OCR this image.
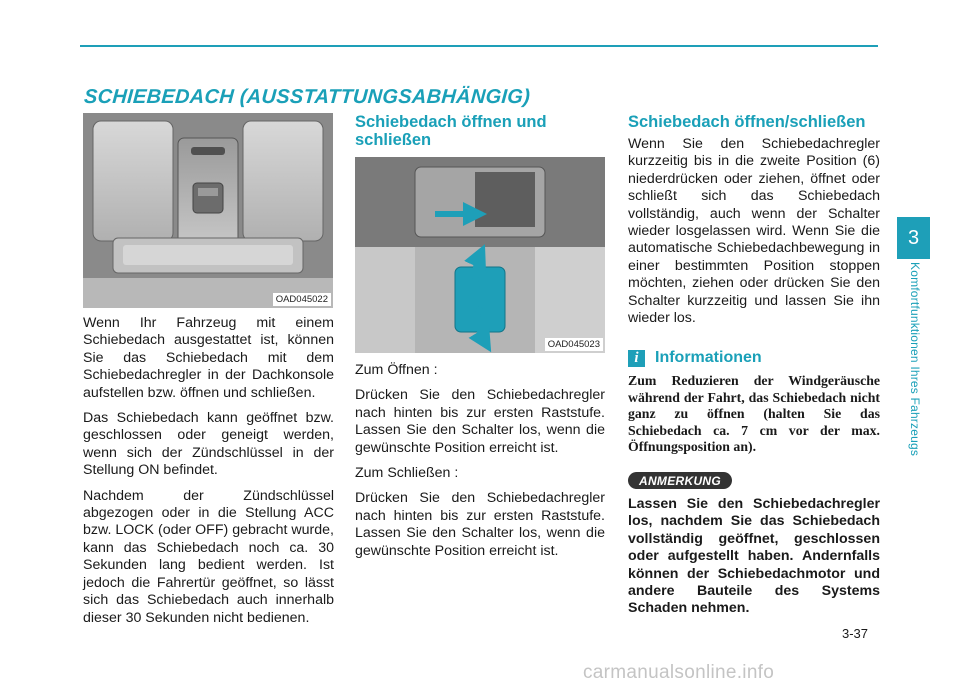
SCHIEBEDACH (AUSSTATTUNGSABHÄNGIG)
3
Komfortfunktionen Ihres Fahrzeugs
OAD045022

Wenn Ihr Fahrzeug mit einem Schiebedach ausgestattet ist, können Sie das Schiebedach mit dem Schiebedachregler in der Dachkonsole aufstellen bzw. öffnen und schließen.

Das Schiebedach kann geöffnet bzw. geschlossen oder geneigt werden, wenn sich der Zündschlüssel in der Stellung ON befindet.

Nachdem der Zündschlüssel abgezogen oder in die Stellung ACC bzw. LOCK (oder OFF) gebracht wurde, kann das Schiebedach noch ca. 30 Sekunden lang bedient werden. Ist jedoch die Fahrertür geöffnet, so lässt sich das Schiebedach auch innerhalb dieser 30 Sekunden nicht bedienen.

Schiebedach öffnen und schließen
OAD045023

Zum Öffnen :

Drücken Sie den Schiebedachregler nach hinten bis zur ersten Raststufe. Lassen Sie den Schalter los, wenn die gewünschte Position erreicht ist.

Zum Schließen :

Drücken Sie den Schiebedachregler nach hinten bis zur ersten Raststufe. Lassen Sie den Schalter los, wenn die gewünschte Position erreicht ist.

Schiebedach öffnen/schließen

Wenn Sie den Schiebedachregler kurzzeitig bis in die zweite Position (6) niederdrücken oder ziehen, öffnet oder schließt sich das Schiebedach vollständig, auch wenn der Schalter wieder losgelassen wird. Wenn Sie die automatische Schiebedachbewegung in einer bestimmten Position stoppen möchten, ziehen oder drücken Sie den Schalter kurzzeitig und lassen Sie ihn wieder los.

i	Informationen
Zum Reduzieren der Windgeräusche während der Fahrt, das Schiebedach nicht ganz zu öffnen (halten Sie das Schiebedach ca. 7 cm vor der max. Öffnungsposition an).
ANMERKUNG
Lassen Sie den Schiebedachregler los, nachdem Sie das Schiebedach vollständig geöffnet, geschlossen oder aufgestellt haben. Andernfalls können der Schiebedachmotor und andere Bauteile des Systems Schaden nehmen.
3-37
carmanualsonline.info
